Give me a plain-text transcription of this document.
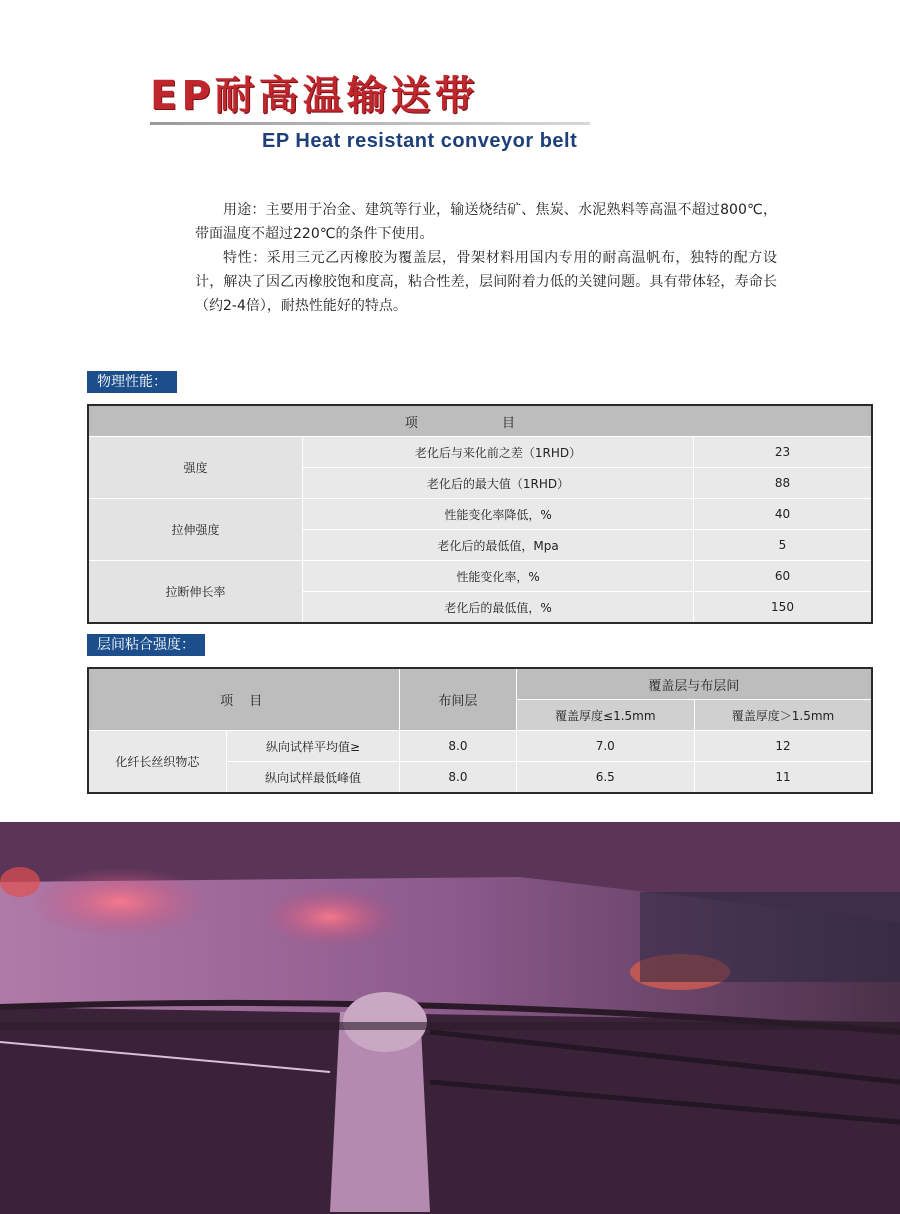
EP耐高温输送带
EP Heat resistant conveyor belt

用途：主要用于冶金、建筑等行业，输送烧结矿、焦炭、水泥熟料等高温不超过800℃，带面温度不超过220℃的条件下使用。

特性：采用三元乙丙橡胶为覆盖层，骨架材料用国内专用的耐高温帆布，独特的配方设计，解决了因乙丙橡胶饱和度高，粘合性差，层间附着力低的关键问题。具有带体轻，寿命长（约2-4倍），耐热性能好的特点。

物理性能：
项 目		
强度	老化后与来化前之差（1RHD）	23
	老化后的最大值（1RHD）	88
拉伸强度	性能变化率降低，%	40
	老化后的最低值，Mpa	5
拉断伸长率	性能变化率，%	60
	老化后的最低值，%	150
层间粘合强度：
项 目		布间层	覆盖层与布层间	
			覆盖厚度≤1.5mm	覆盖厚度＞1.5mm
化纤长丝织物芯	纵向试样平均值≥	8.0	7.0	12
	纵向试样最低峰值	8.0	6.5	11
